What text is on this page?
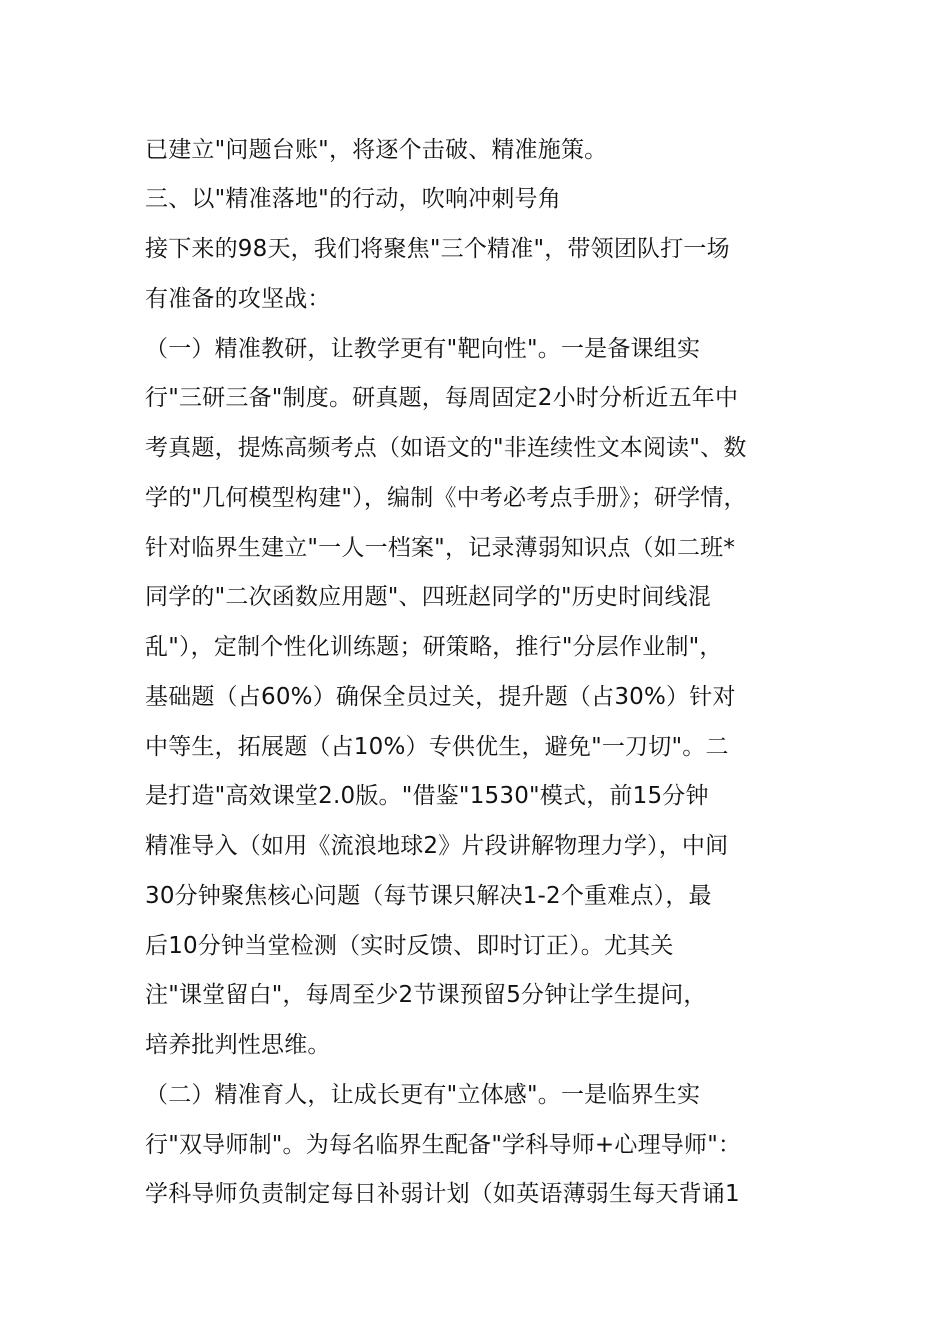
已建立"问题台账"，将逐个击破、精准施策。
三、以"精准落地"的行动，吹响冲刺号角
接下来的98天，我们将聚焦"三个精准"，带领团队打一场
有准备的攻坚战：
（一）精准教研，让教学更有"靶向性"。一是备课组实
行"三研三备"制度。研真题，每周固定2小时分析近五年中
考真题，提炼高频考点（如语文的"非连续性文本阅读"、数
学的"几何模型构建"），编制《中考必考点手册》；研学情，
针对临界生建立"一人一档案"，记录薄弱知识点（如二班*
同学的"二次函数应用题"、四班赵同学的"历史时间线混
乱"），定制个性化训练题；研策略，推行"分层作业制"，
基础题（占60%）确保全员过关，提升题（占30%）针对
中等生，拓展题（占10%）专供优生，避免"一刀切"。二
是打造"高效课堂2.0版。"借鉴"1530"模式，前15分钟
精准导入（如用《流浪地球2》片段讲解物理力学），中间
30分钟聚焦核心问题（每节课只解决1-2个重难点），最
后10分钟当堂检测（实时反馈、即时订正）。尤其关
注"课堂留白"，每周至少2节课预留5分钟让学生提问，
培养批判性思维。
（二）精准育人，让成长更有"立体感"。一是临界生实
行"双导师制"。为每名临界生配备"学科导师+心理导师"：
学科导师负责制定每日补弱计划（如英语薄弱生每天背诵1
